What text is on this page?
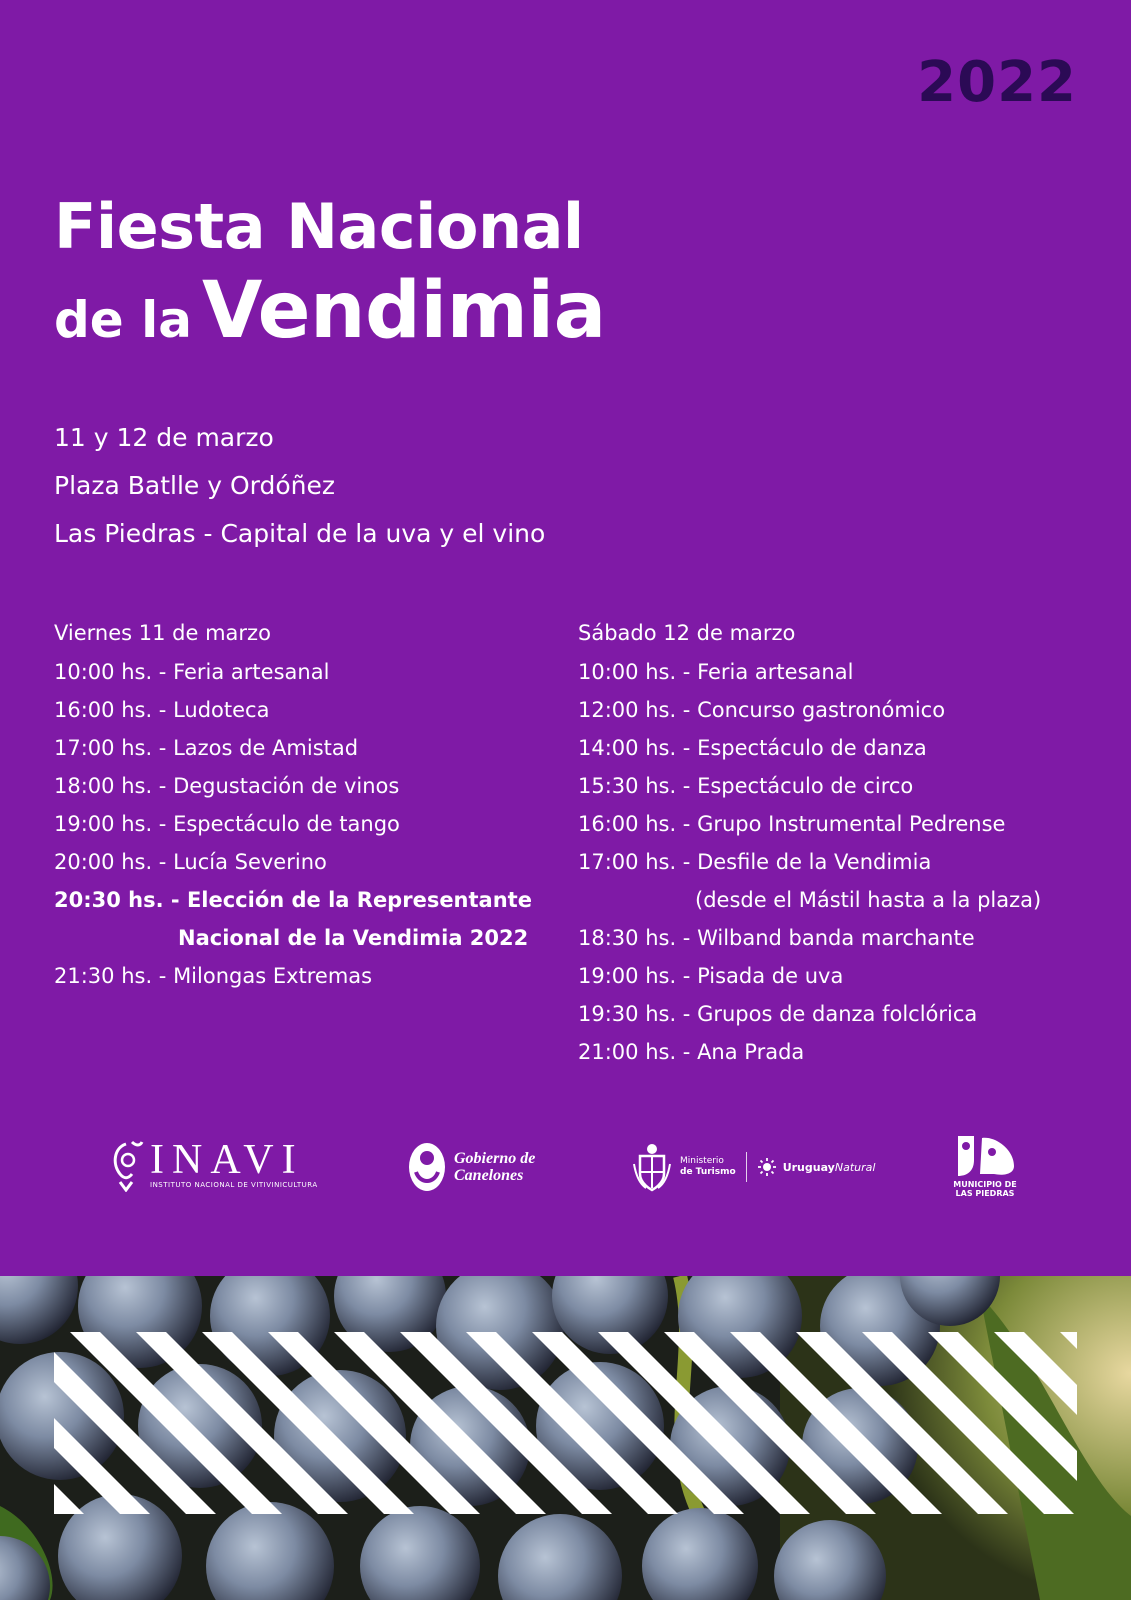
2022
Fiesta Nacional
de la Vendimia
11 y 12 de marzo
Plaza Batlle y Ordóñez
Las Piedras - Capital de la uva y el vino
Viernes 11 de marzo
10:00 hs. - Feria artesanal
16:00 hs. - Ludoteca
17:00 hs. - Lazos de Amistad
18:00 hs. - Degustación de vinos
19:00 hs. - Espectáculo de tango
20:00 hs. - Lucía Severino
20:30 hs. - Elección de la Representante
Nacional de la Vendimia 2022
21:30 hs. - Milongas Extremas
Sábado 12 de marzo
10:00 hs. - Feria artesanal
12:00 hs. - Concurso gastronómico
14:00 hs. - Espectáculo de danza
15:30 hs. - Espectáculo de circo
16:00 hs. - Grupo Instrumental Pedrense
17:00 hs. - Desfile de la Vendimia
(desde el Mástil hasta a la plaza)
18:30 hs. - Wilband banda marchante
19:00 hs. - Pisada de uva
19:30 hs. - Grupos de danza folclórica
21:00 hs. - Ana Prada
INAVI
INSTITUTO NACIONAL DE VITIVINICULTURA
Gobierno de
Canelones
Ministerio
de Turismo	UruguayNatural
MUNICIPIO DE
LAS PIEDRAS
